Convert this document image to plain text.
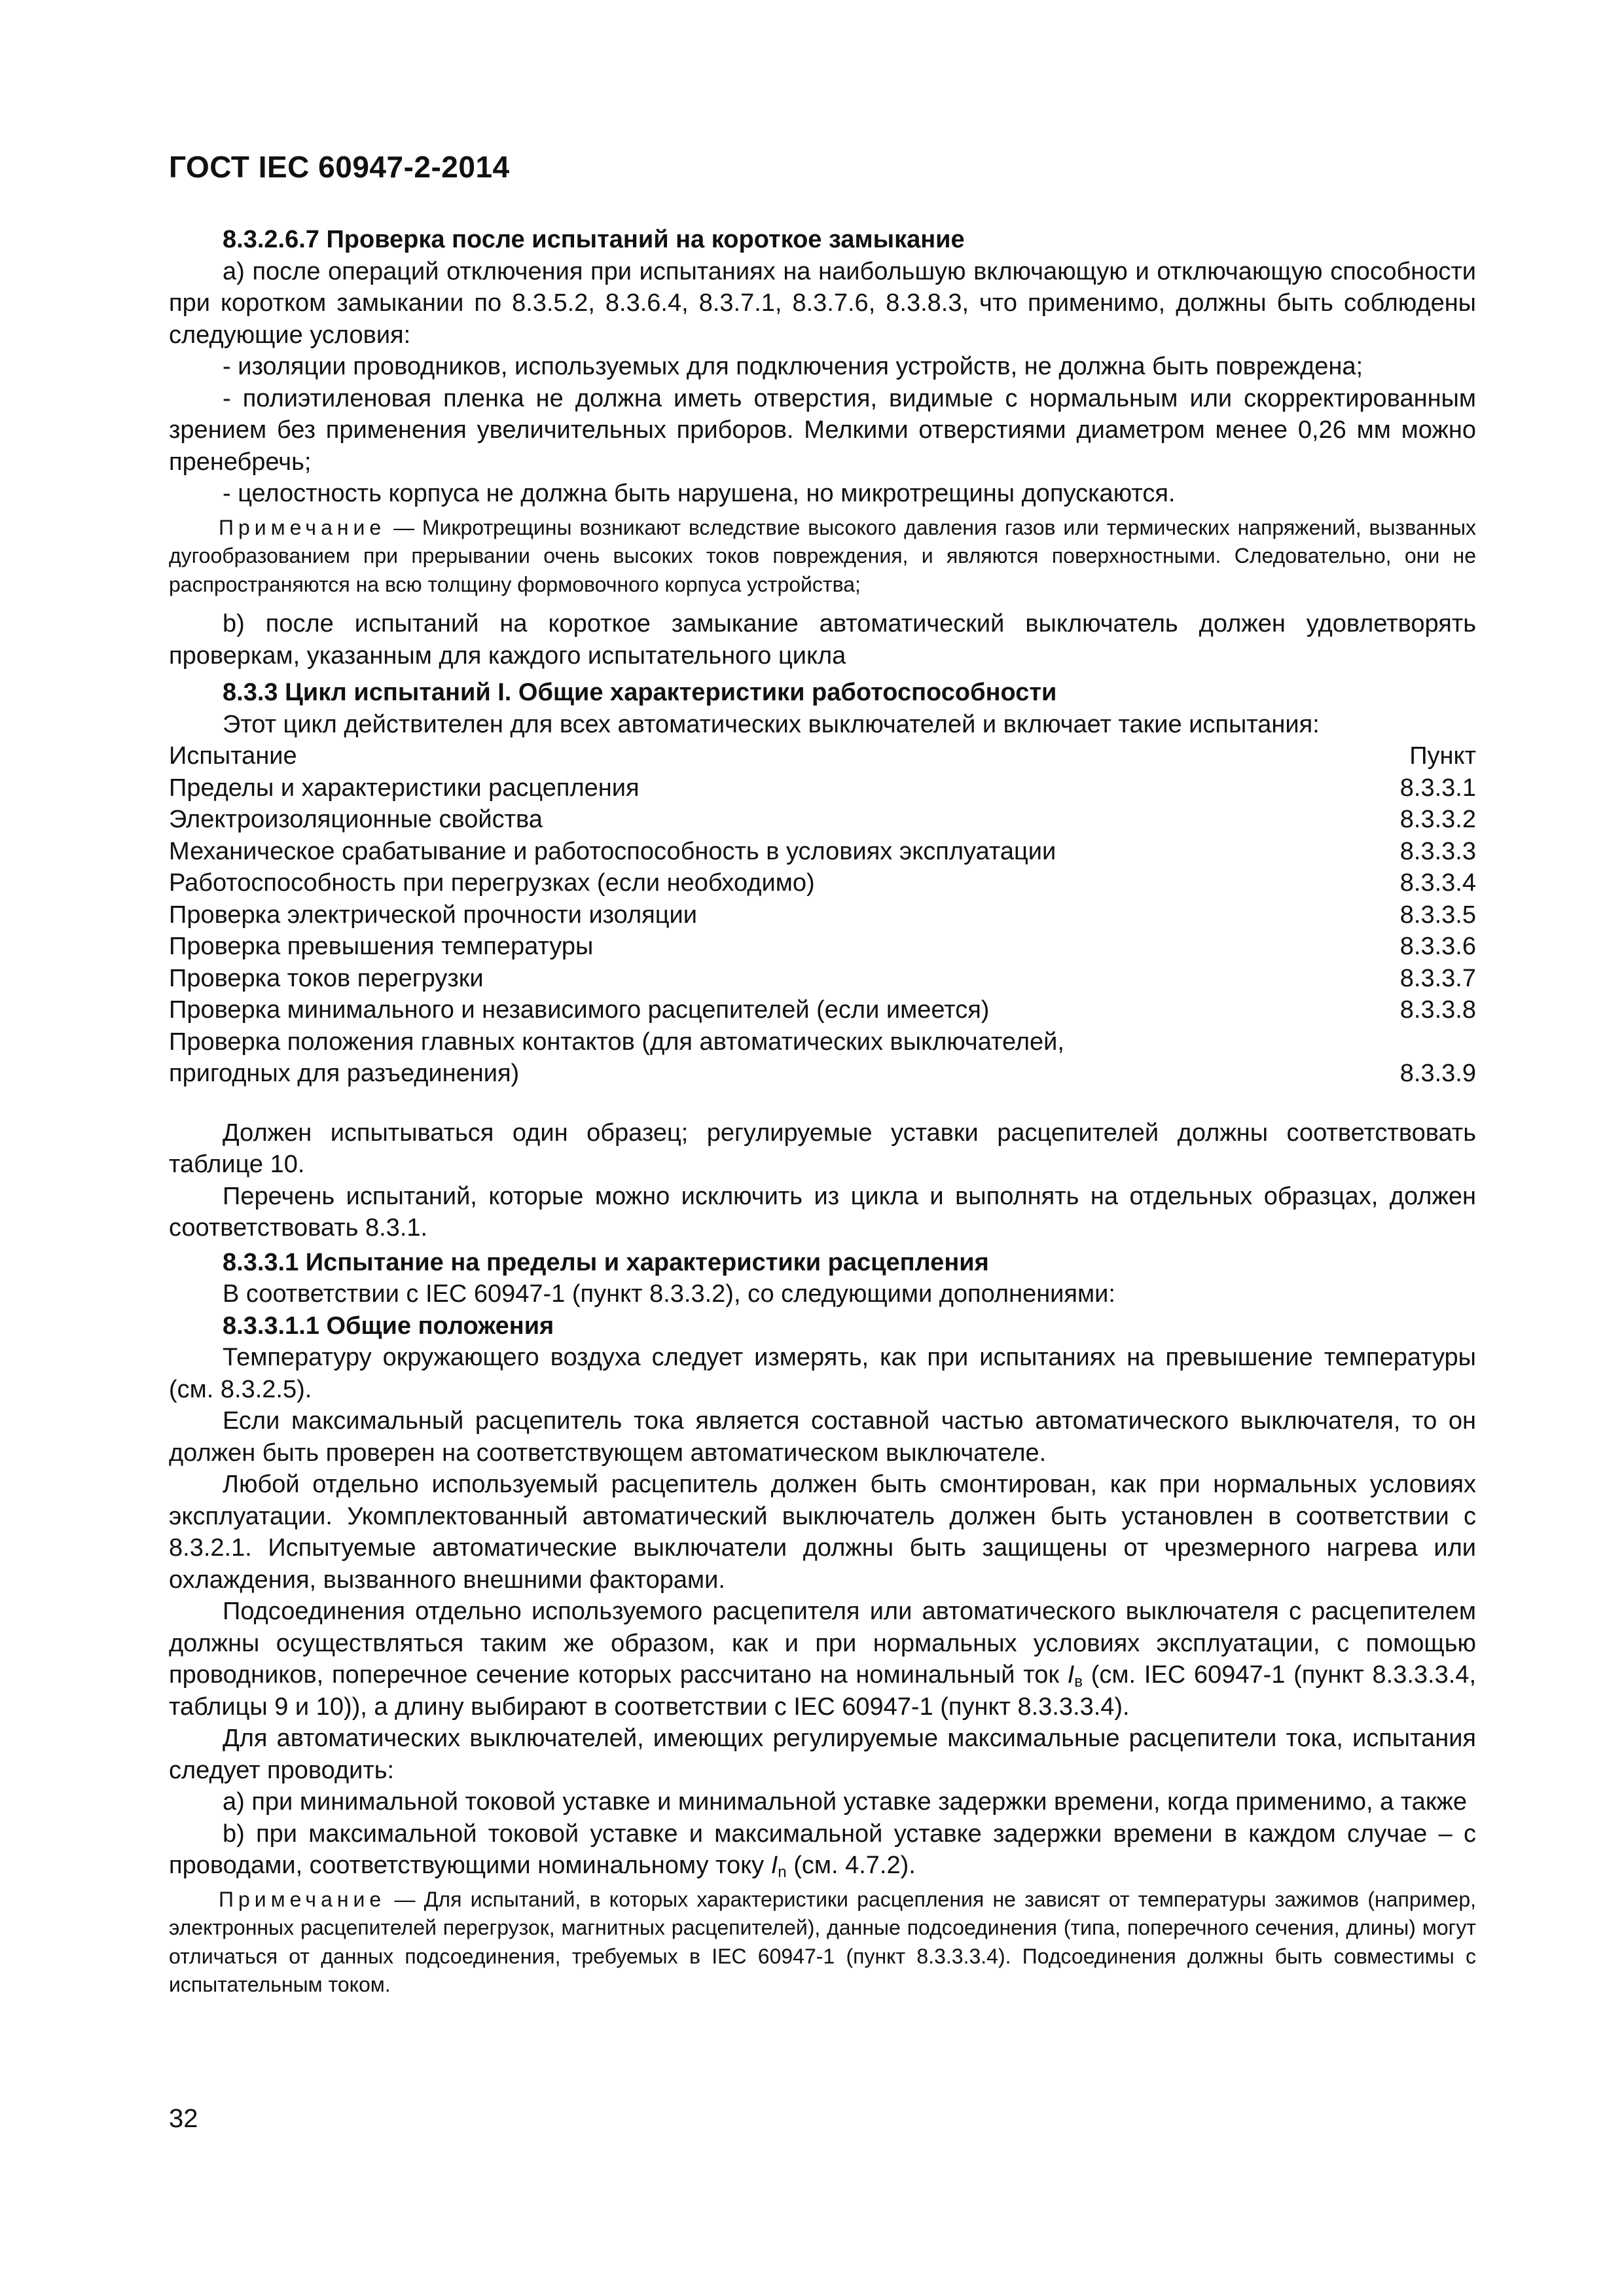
ГОСТ IEC 60947-2-2014

8.3.2.6.7 Проверка после испытаний на короткое замыкание

а) после операций отключения при испытаниях на наибольшую включающую и отключающую способности при коротком замыкании по 8.3.5.2, 8.3.6.4, 8.3.7.1, 8.3.7.6, 8.3.8.3, что применимо, должны быть соблюдены следующие условия:

- изоляции проводников, используемых для подключения устройств, не должна быть повреждена;

- полиэтиленовая пленка не должна иметь отверстия, видимые с нормальным или скорректированным зрением без применения увеличительных приборов. Мелкими отверстиями диаметром менее 0,26 мм можно пренебречь;

- целостность корпуса не должна быть нарушена, но микротрещины допускаются.

Примечание — Микротрещины возникают вследствие высокого давления газов или термических напряжений, вызванных дугообразованием при прерывании очень высоких токов повреждения, и являются поверхностными. Следовательно, они не распространяются на всю толщину формовочного корпуса устройства;

b) после испытаний на короткое замыкание автоматический выключатель должен удовлетворять проверкам, указанным для каждого испытательного цикла

8.3.3 Цикл испытаний I. Общие характеристики работоспособности

Этот цикл действителен для всех автоматических выключателей и включает такие испытания:

Испытание	Пункт
Пределы и характеристики расцепления	8.3.3.1
Электроизоляционные свойства	8.3.3.2
Механическое срабатывание и работоспособность в условиях эксплуатации	8.3.3.3
Работоспособность при перегрузках (если необходимо)	8.3.3.4
Проверка электрической прочности изоляции	8.3.3.5
Проверка превышения температуры	8.3.3.6
Проверка токов перегрузки	8.3.3.7
Проверка минимального и независимого расцепителей (если имеется)	8.3.3.8
Проверка положения главных контактов (для автоматических выключателей,
пригодных для разъединения)	8.3.3.9

Должен испытываться один образец; регулируемые уставки расцепителей должны соответствовать таблице 10.

Перечень испытаний, которые можно исключить из цикла и выполнять на отдельных образцах, должен соответствовать 8.3.1.

8.3.3.1 Испытание на пределы и характеристики расцепления

В соответствии с IEC 60947-1 (пункт 8.3.3.2), со следующими дополнениями:

8.3.3.1.1 Общие положения

Температуру окружающего воздуха следует измерять, как при испытаниях на превышение температуры (см. 8.3.2.5).

Если максимальный расцепитель тока является составной частью автоматического выключателя, то он должен быть проверен на соответствующем автоматическом выключателе.

Любой отдельно используемый расцепитель должен быть смонтирован, как при нормальных условиях эксплуатации. Укомплектованный автоматический выключатель должен быть установлен в соответствии с 8.3.2.1. Испытуемые автоматические выключатели должны быть защищены от чрезмерного нагрева или охлаждения, вызванного внешними факторами.

Подсоединения отдельно используемого расцепителя или автоматического выключателя с расцепителем должны осуществляться таким же образом, как и при нормальных условиях эксплуатации, с помощью проводников, поперечное сечение которых рассчитано на номинальный ток $I_в$ (см. IEC 60947-1 (пункт 8.3.3.3.4, таблицы 9 и 10)), а длину выбирают в соответствии с IEC 60947-1 (пункт 8.3.3.3.4).

Для автоматических выключателей, имеющих регулируемые максимальные расцепители тока, испытания следует проводить:

а) при минимальной токовой уставке и минимальной уставке задержки времени, когда применимо, а также

b) при максимальной токовой уставке и максимальной уставке задержки времени в каждом случае – с проводами, соответствующими номинальному току $I_n$ (см. 4.7.2).

Примечание — Для испытаний, в которых характеристики расцепления не зависят от температуры зажимов (например, электронных расцепителей перегрузок, магнитных расцепителей), данные подсоединения (типа, поперечного сечения, длины) могут отличаться от данных подсоединения, требуемых в IEC 60947-1 (пункт 8.3.3.3.4). Подсоединения должны быть совместимы с испытательным током.
32
